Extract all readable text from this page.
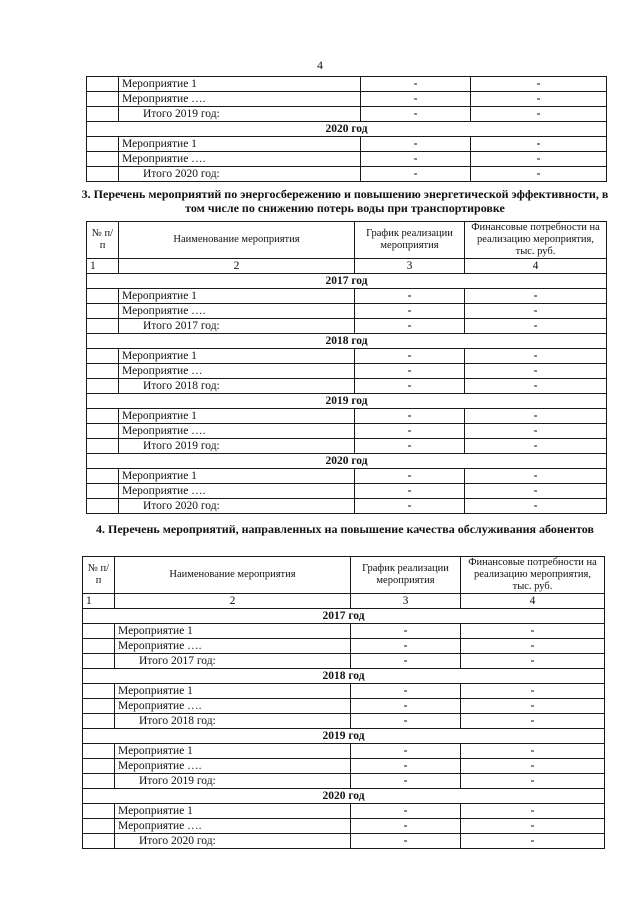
4
	Мероприятие 1	-	-
	Мероприятие ….	-	-
	Итого 2019 год:	-	-
2020 год			
	Мероприятие 1	-	-
	Мероприятие ….	-	-
	Итого 2020 год:	-	-
3. Перечень мероприятий по энергосбережению и повышению энергетической эффективности, в том числе по снижению потерь воды при транспортировке
№ п/п	Наименование мероприятия	График реализации мероприятия	Финансовые потребности на реализацию мероприятия, тыс. руб.
1	2	3	4
2017 год			
	Мероприятие 1	-	-
	Мероприятие ….	-	-
	Итого 2017 год:	-	-
2018 год			
	Мероприятие 1	-	-
	Мероприятие …	-	-
	Итого 2018 год:	-	-
2019 год			
	Мероприятие 1	-	-
	Мероприятие ….	-	-
	Итого 2019 год:	-	-
2020 год			
	Мероприятие 1	-	-
	Мероприятие ….	-	-
	Итого 2020 год:	-	-
4. Перечень мероприятий, направленных на повышение качества обслуживания абонентов
№ п/п	Наименование мероприятия	График реализации мероприятия	Финансовые потребности на реализацию мероприятия, тыс. руб.
1	2	3	4
2017 год			
	Мероприятие 1	-	-
	Мероприятие ….	-	-
	Итого 2017 год:	-	-
2018 год			
	Мероприятие 1	-	-
	Мероприятие ….	-	-
	Итого 2018 год:	-	-
2019 год			
	Мероприятие 1	-	-
	Мероприятие ….	-	-
	Итого 2019 год:	-	-
2020 год			
	Мероприятие 1	-	-
	Мероприятие ….	-	-
	Итого 2020 год:	-	-
